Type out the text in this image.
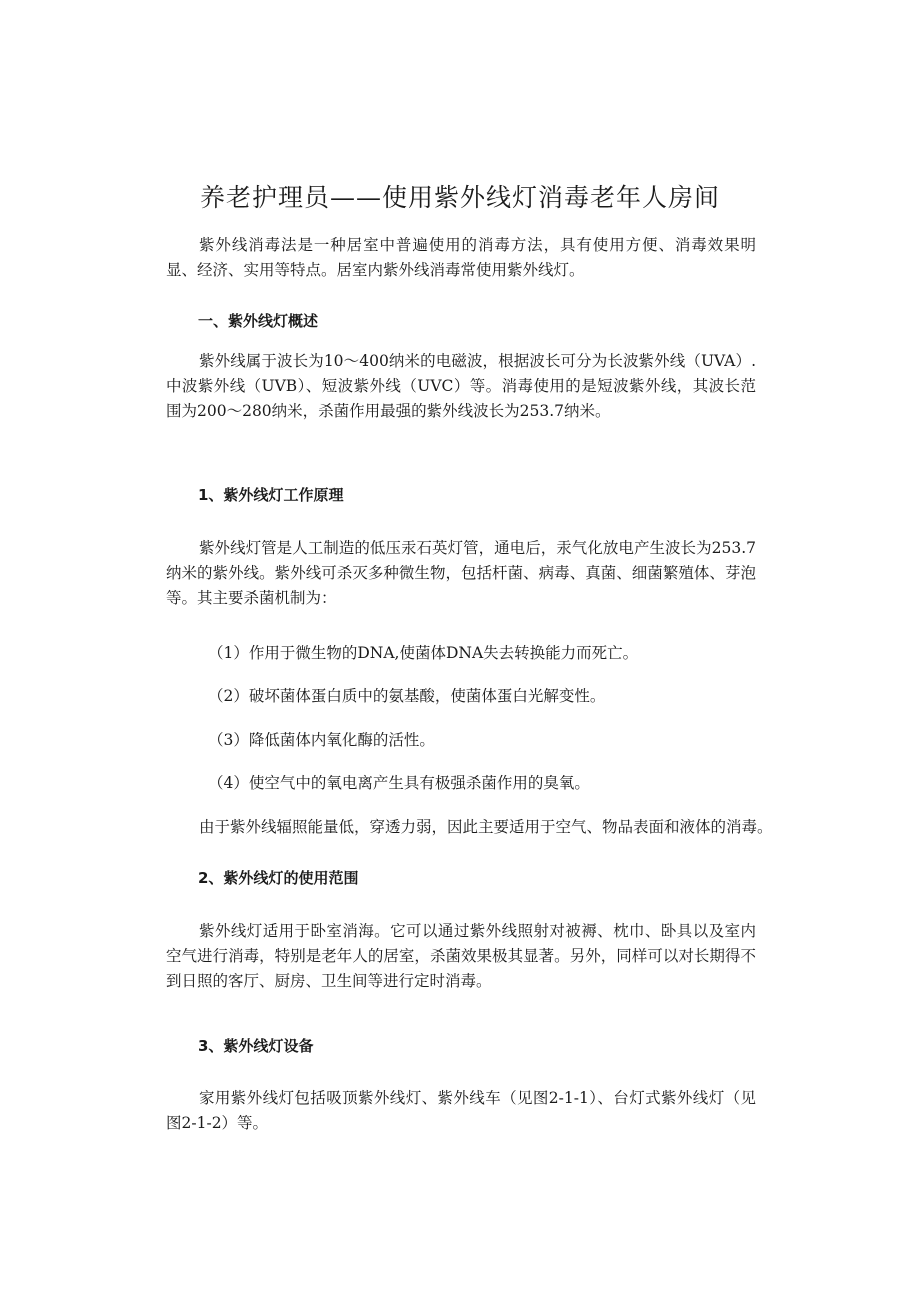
养老护理员——使用紫外线灯消毒老年人房间
紫外线消毒法是一种居室中普遍使用的消毒方法，具有使用方便、消毒效果明显、经济、实用等特点。居室内紫外线消毒常使用紫外线灯。
一、紫外线灯概述
紫外线属于波长为10～400纳米的电磁波，根据波长可分为长波紫外线（UVA）.中波紫外线（UVB）、短波紫外线（UVC）等。消毒使用的是短波紫外线，其波长范围为200～280纳米，杀菌作用最强的紫外线波长为253.7纳米。
1、紫外线灯工作原理
紫外线灯管是人工制造的低压汞石英灯管，通电后，汞气化放电产生波长为253.7纳米的紫外线。紫外线可杀灭多种微生物，包括杆菌、病毒、真菌、细菌繁殖体、芽泡等。其主要杀菌机制为：
（1）作用于微生物的DNA,使菌体DNA失去转换能力而死亡。
（2）破坏菌体蛋白质中的氨基酸，使菌体蛋白光解变性。
（3）降低菌体内氧化酶的活性。
（4）使空气中的氧电离产生具有极强杀菌作用的臭氧。
由于紫外线辐照能量低，穿透力弱，因此主要适用于空气、物品表面和液体的消毒。
2、紫外线灯的使用范围
紫外线灯适用于卧室消海。它可以通过紫外线照射对被褥、枕巾、卧具以及室内空气进行消毒，特别是老年人的居室，杀菌效果极其显著。另外，同样可以对长期得不到日照的客厅、厨房、卫生间等进行定时消毒。
3、紫外线灯设备
家用紫外线灯包括吸顶紫外线灯、紫外线车（见图2-1-1）、台灯式紫外线灯（见图2-1-2）等。
